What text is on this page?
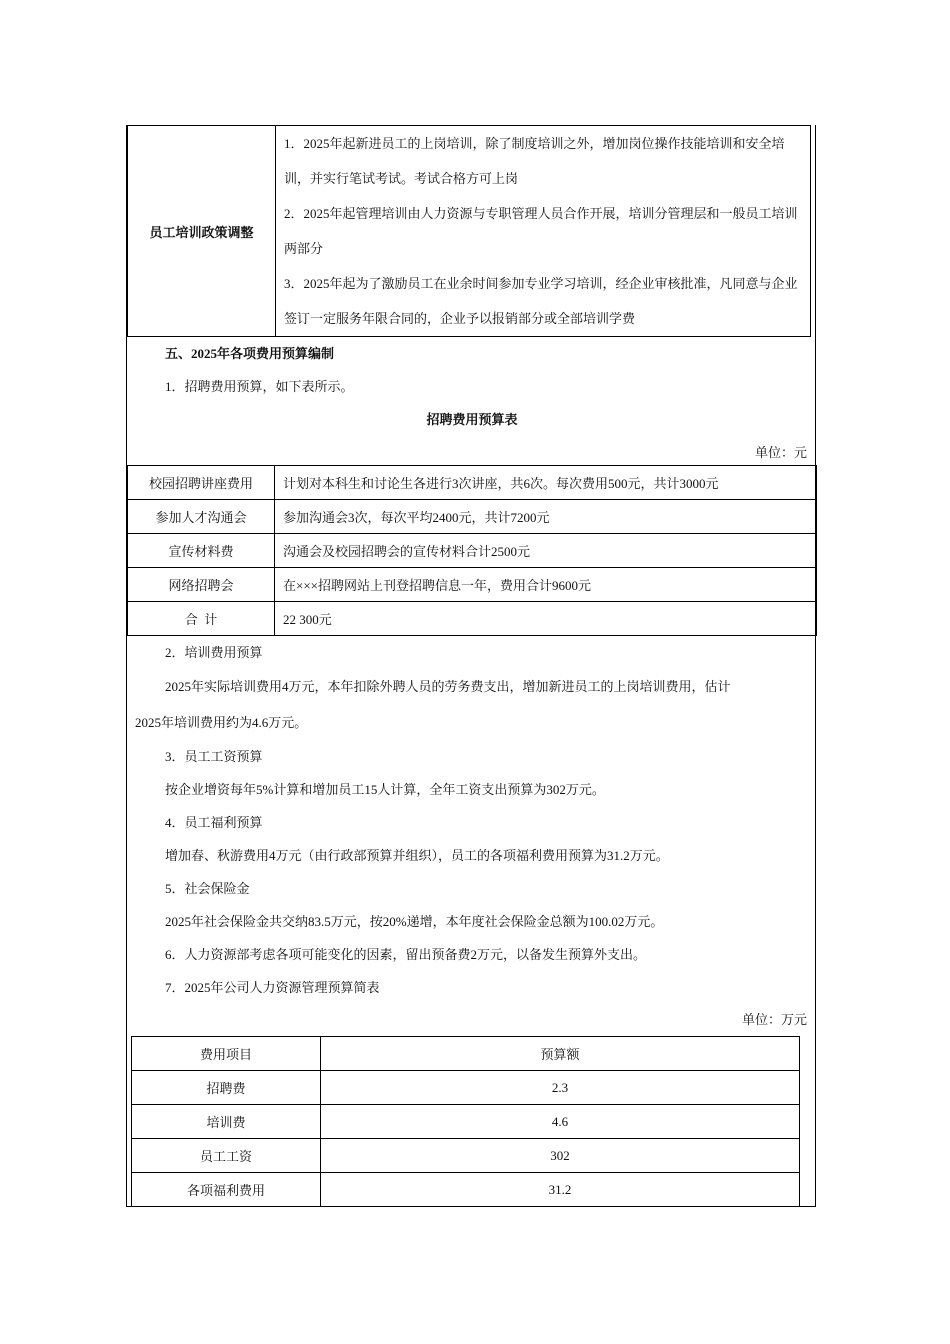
员工培训政策调整	

1．2025年起新进员工的上岗培训，除了制度培训之外，增加岗位操作技能培训和安全培训，并实行笔试考试。考试合格方可上岗

2．2025年起管理培训由人力资源与专职管理人员合作开展，培训分管理层和一般员工培训两部分

3．2025年起为了激励员工在业余时间参加专业学习培训，经企业审核批准，凡同意与企业签订一定服务年限合同的，企业予以报销部分或全部培训学费

五、2025年各项费用预算编制
1．招聘费用预算，如下表所示。
招聘费用预算表
单位：元
校园招聘讲座费用	计划对本科生和讨论生各进行3次讲座，共6次。每次费用500元，共计3000元
参加人才沟通会	参加沟通会3次，每次平均2400元，共计7200元
宣传材料费	沟通会及校园招聘会的宣传材料合计2500元
网络招聘会	在×××招聘网站上刊登招聘信息一年，费用合计9600元
合  计	22 300元
2．培训费用预算
2025年实际培训费用4万元，本年扣除外聘人员的劳务费支出，增加新进员工的上岗培训费用，估计
2025年培训费用约为4.6万元。
3．员工工资预算
按企业增资每年5%计算和增加员工15人计算，全年工资支出预算为302万元。
4．员工福利预算
增加春、秋游费用4万元（由行政部预算并组织），员工的各项福利费用预算为31.2万元。
5．社会保险金
2025年社会保险金共交纳83.5万元，按20%递增，本年度社会保险金总额为100.02万元。
6．人力资源部考虑各项可能变化的因素，留出预备费2万元，以备发生预算外支出。
7．2025年公司人力资源管理预算简表
单位：万元
费用项目	预算额
招聘费	2.3
培训费	4.6
员工工资	302
各项福利费用	31.2
